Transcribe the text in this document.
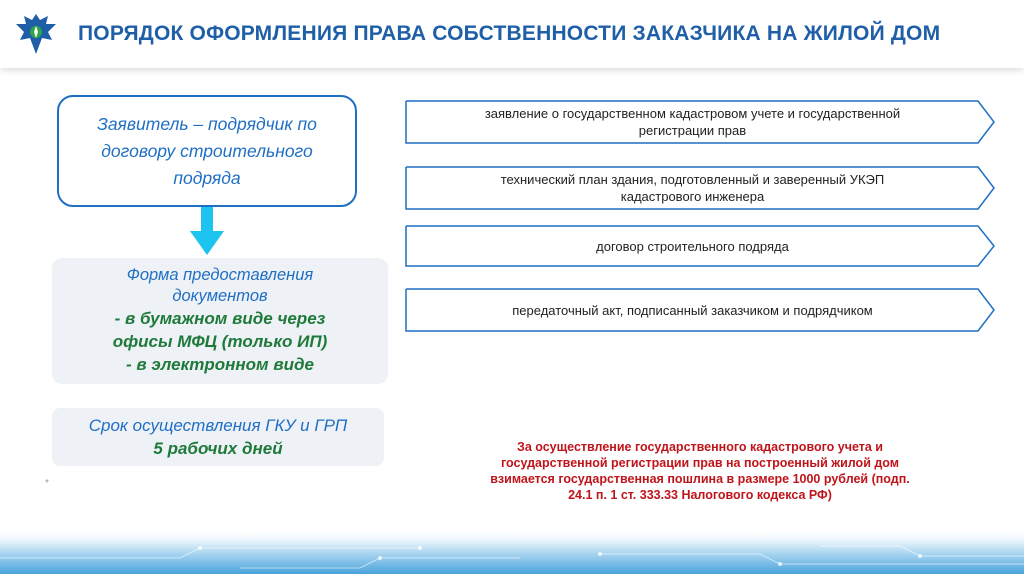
ПОРЯДОК ОФОРМЛЕНИЯ ПРАВА СОБСТВЕННОСТИ ЗАКАЗЧИКА НА ЖИЛОЙ ДОМ
Заявитель – подрядчик по
договору строительного
подряда
Форма предоставления
документов
- в бумажном виде через
офисы МФЦ (только ИП)
- в электронном виде
Срок осуществления ГКУ и ГРП
5 рабочих дней
заявление о государственном кадастровом учете и государственной
регистрации прав
технический план здания, подготовленный и заверенный УКЭП
кадастрового инженера
договор строительного подряда
передаточный акт, подписанный заказчиком и подрядчиком
За осуществление государственного кадастрового учета и
государственной регистрации прав на построенный жилой дом
взимается государственная пошлина в размере 1000 рублей (подп.
24.1 п. 1 ст. 333.33 Налогового кодекса РФ)
*
